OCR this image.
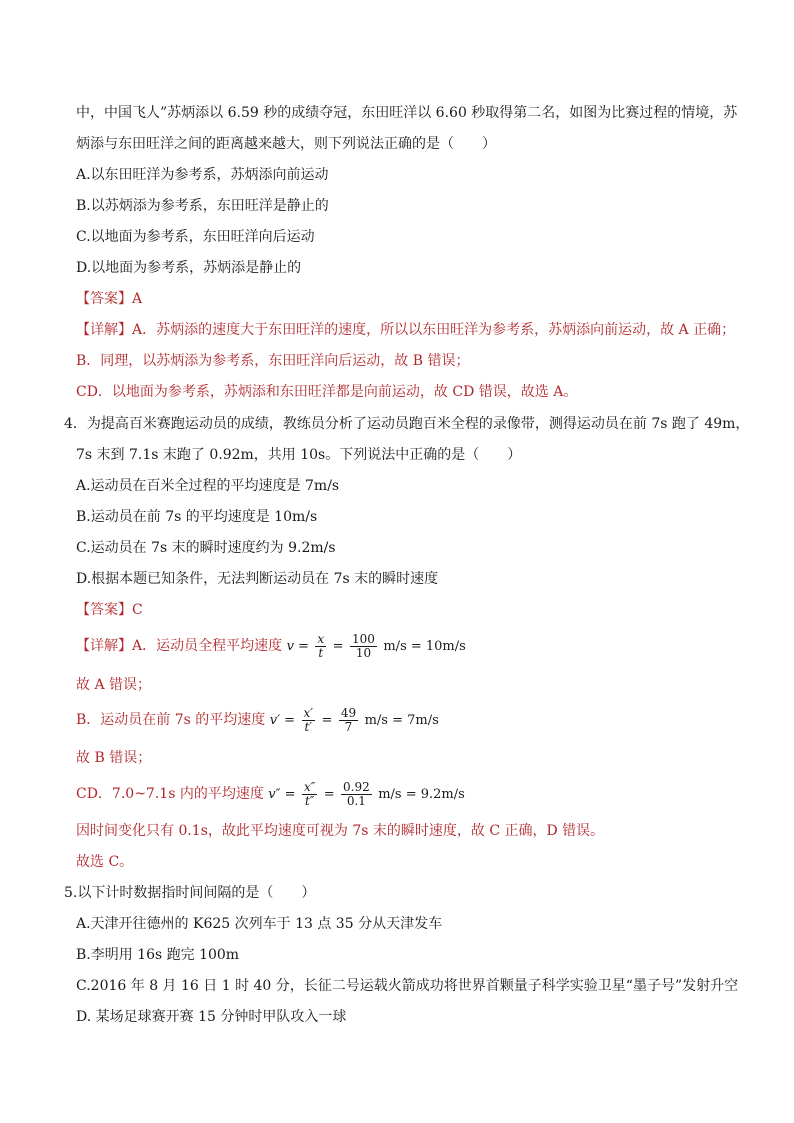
中，中国飞人”苏炳添以 6.59 秒的成绩夺冠，东田旺洋以 6.60 秒取得第二名，如图为比赛过程的情境，苏
炳添与东田旺洋之间的距离越来越大，则下列说法正确的是（　　）
A.以东田旺洋为参考系，苏炳添向前运动
B.以苏炳添为参考系，东田旺洋是静止的
C.以地面为参考系，东田旺洋向后运动
D.以地面为参考系，苏炳添是静止的
【答案】A
【详解】A．苏炳添的速度大于东田旺洋的速度，所以以东田旺洋为参考系，苏炳添向前运动，故 A 正确；
B．同理，以苏炳添为参考系，东田旺洋向后运动，故 B 错误；
CD．以地面为参考系，苏炳添和东田旺洋都是向前运动，故 CD 错误，故选 A。
4．为提高百米赛跑运动员的成绩，教练员分析了运动员跑百米全程的录像带，测得运动员在前 7s 跑了 49m，
7s 末到 7.1s 末跑了 0.92m，共用 10s。下列说法中正确的是（　　）
A.运动员在百米全过程的平均速度是 7m/s
B.运动员在前 7s 的平均速度是 10m/s
C.运动员在 7s 末的瞬时速度约为 9.2m/s
D.根据本题已知条件，无法判断运动员在 7s 末的瞬时速度
【答案】C
【详解】A．运动员全程平均速度 $v = \frac{x}{t} = \frac{100}{10} m/s = 10m/s$
故 A 错误；
B．运动员在前 7s 的平均速度 $v' = \frac{x'}{t'} = \frac{49}{7} m/s = 7m/s$
故 B 错误；
CD．7.0~7.1s 内的平均速度 $v'' = \frac{x''}{t''} = \frac{0.92}{0.1} m/s = 9.2m/s$
因时间变化只有 0.1s，故此平均速度可视为 7s 末的瞬时速度，故 C 正确，D 错误。
故选 C。
5.以下计时数据指时间间隔的是（　　）
A.天津开往德州的 K625 次列车于 13 点 35 分从天津发车
B.李明用 16s 跑完 100m
C.2016 年 8 月 16 日 1 时 40 分，长征二号运载火箭成功将世界首颗量子科学实验卫星“墨子号”发射升空
D. 某场足球赛开赛 15 分钟时甲队攻入一球
